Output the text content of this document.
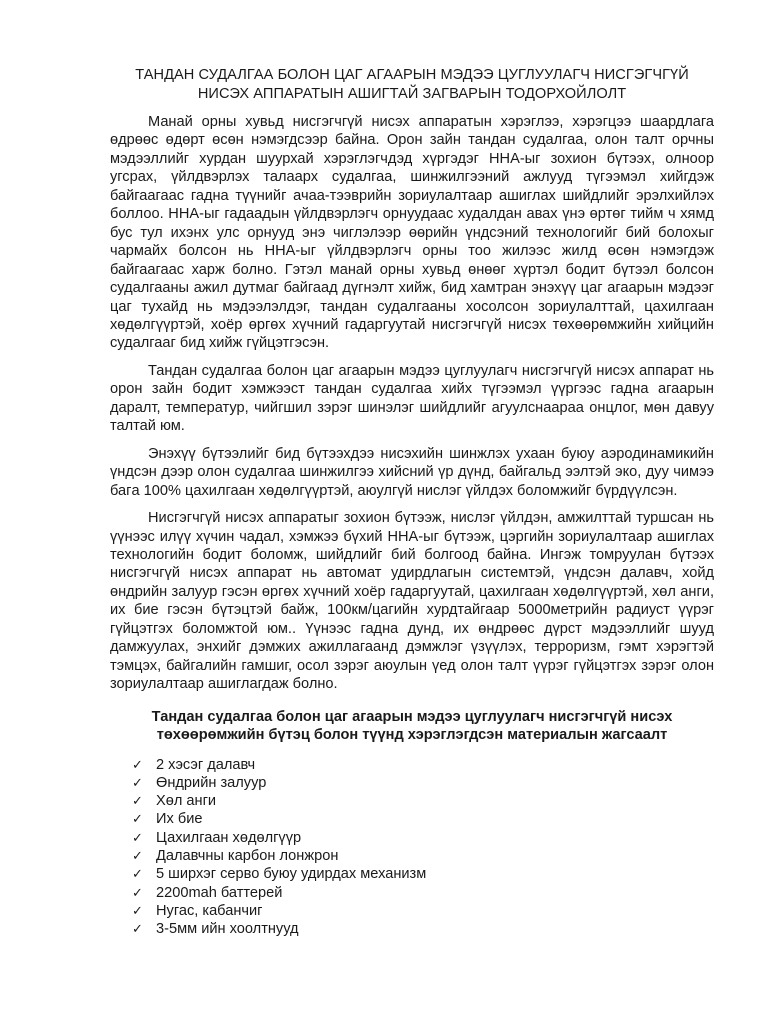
ТАНДАН СУДАЛГАА БОЛОН ЦАГ АГААРЫН МЭДЭЭ ЦУГЛУУЛАГЧ НИСГЭГЧГҮЙ НИСЭХ АППАРАТЫН АШИГТАЙ ЗАГВАРЫН ТОДОРХОЙЛОЛТ

Манай орны хувьд нисгэгчгүй нисэх аппаратын хэрэглээ, хэрэгцээ шаардлага өдрөөс өдөрт өсөн нэмэгдсээр байна. Орон зайн тандан судалгаа, олон талт орчны мэдээллийг хурдан шуурхай хэрэглэгчдэд хүргэдэг ННА-ыг зохион бүтээх, олноор угсрах, үйлдвэрлэх талаарх судалгаа, шинжилгээний ажлууд түгээмэл хийгдэж байгаагаас гадна түүнийг ачаа-тээврийн зориулалтаар ашиглах шийдлийг эрэлхийлэх боллоо. ННА-ыг гадаадын үйлдвэрлэгч орнуудаас худалдан авах үнэ өртөг тийм ч хямд бус тул ихэнх улс орнууд энэ чиглэлээр өөрийн үндсэний технологийг бий болохыг чармайх болсон нь ННА-ыг үйлдвэрлэгч орны тоо жилээс жилд өсөн нэмэгдэж байгаагаас харж болно. Гэтэл манай орны хувьд өнөөг хүртэл бодит бүтээл болсон судалгааны ажил дутмаг байгаад дүгнэлт хийж, бид хамтран энэхүү цаг агаарын мэдээг цаг тухайд нь мэдээлэлдэг, тандан судалгааны хосолсон зориулалттай, цахилгаан хөдөлгүүртэй, хоёр өргөх хүчний гадаргуутай нисгэгчгүй нисэх төхөөрөмжийн хийцийн судалгааг бид хийж гүйцэтгэсэн.

Тандан судалгаа болон цаг агаарын мэдээ цуглуулагч нисгэгчгүй нисэх аппарат нь орон зайн бодит хэмжээст тандан судалгаа хийх түгээмэл үүргээс гадна агаарын даралт, температур, чийгшил зэрэг шинэлэг шийдлийг агуулснаараа онцлог, мөн давуу талтай юм.

Энэхүү бүтээлийг бид бүтээхдээ нисэхийн шинжлэх ухаан буюу аэродинамикийн үндсэн дээр олон судалгаа шинжилгээ хийсний үр дүнд, байгальд ээлтэй эко, дуу чимээ багa 100% цахилгаан хөдөлгүүртэй, аюулгүй нислэг үйлдэх боломжийг бүрдүүлсэн.

Нисгэгчгүй нисэх аппаратыг зохион бүтээж, нислэг үйлдэн, амжилттай туршсан нь үүнээс илүү хүчин чадал, хэмжээ бүхий ННА-ыг бүтээж, цэргийн зориулалтаар ашиглах технологийн бодит боломж, шийдлийг бий болгоод байна. Ингэж томруулан бүтээх нисгэгчгүй нисэх аппарат нь автомат удирдлагын системтэй, үндсэн далавч, хойд өндрийн залуур гэсэн өргөх хүчний хоёр гадаргуутай, цахилгаан хөдөлгүүртэй, хөл анги, их бие гэсэн бүтэцтэй байж, 100км/цагийн хурдтайгаар 5000метрийн радиуст үүрэг гүйцэтгэх боломжтой юм.. Үүнээс гадна дунд, их өндрөөс дүрст мэдээллийг шууд дамжуулах, энхийг дэмжих ажиллагаанд дэмжлэг үзүүлэх, терроризм, гэмт хэрэгтэй тэмцэх, байгалийн гамшиг, осол зэрэг аюулын үед олон талт үүрэг гүйцэтгэх зэрэг олон зориулалтаар ашиглагдаж болно.

Тандан судалгаа болон цаг агаарын мэдээ цуглуулагч нисгэгчгүй нисэх төхөөрөмжийн бүтэц болон түүнд хэрэглэгдсэн материалын жагсаалт
✓ 2 хэсэг далавч
✓ Өндрийн залуур
✓ Хөл анги
✓ Их бие
✓ Цахилгаан хөдөлгүүр
✓ Далавчны карбон лонжрон
✓ 5 ширхэг серво буюу удирдах механизм
✓ 2200mah баттерей
✓ Нугас, кабанчиг
✓ 3-5мм ийн хоолтнууд
